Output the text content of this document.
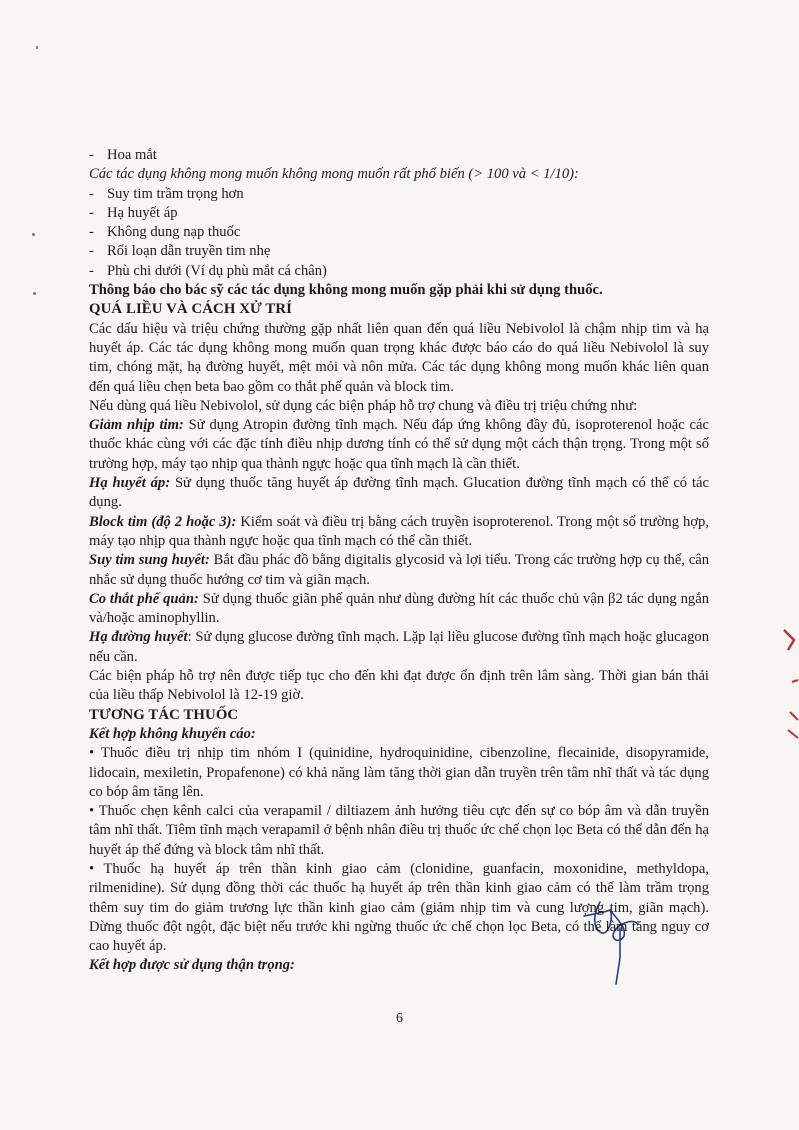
- Hoa mắt
Các tác dụng không mong muốn không mong muốn rất phổ biến (> 100 và < 1/10):
- Suy tim trầm trọng hơn
- Hạ huyết áp
- Không dung nạp thuốc
- Rối loạn dẫn truyền tim nhẹ
- Phù chi dưới (Ví dụ phù mắt cá chân)
Thông báo cho bác sỹ các tác dụng không mong muốn gặp phải khi sử dụng thuốc.
QUÁ LIỀU VÀ CÁCH XỬ TRÍ

Các dấu hiệu và triệu chứng thường gặp nhất liên quan đến quá liều Nebivolol là chậm nhịp tim và hạ huyết áp. Các tác dụng không mong muốn quan trọng khác được báo cáo do quá liều Nebivolol là suy tim, chóng mặt, hạ đường huyết, mệt mỏi và nôn mửa. Các tác dụng không mong muốn khác liên quan đến quá liều chẹn beta bao gồm co thắt phế quản và block tim.

Nếu dùng quá liều Nebivolol, sử dụng các biện pháp hỗ trợ chung và điều trị triệu chứng như:

Giảm nhịp tim: Sử dụng Atropin đường tĩnh mạch. Nếu đáp ứng không đầy đủ, isoproterenol hoặc các thuốc khác cùng với các đặc tính điều nhịp dương tính có thể sử dụng một cách thận trọng. Trong một số trường hợp, máy tạo nhịp qua thành ngực hoặc qua tĩnh mạch là cần thiết.

Hạ huyết áp: Sử dụng thuốc tăng huyết áp đường tĩnh mạch. Glucation đường tĩnh mạch có thể có tác dụng.

Block tim (độ 2 hoặc 3): Kiểm soát và điều trị bằng cách truyền isoproterenol. Trong một số trường hợp, máy tạo nhịp qua thành ngực hoặc qua tĩnh mạch có thể cần thiết.

Suy tim sung huyết: Bắt đầu phác đồ bằng digitalis glycosid và lợi tiểu. Trong các trường hợp cụ thể, cân nhắc sử dụng thuốc hướng cơ tim và giãn mạch.

Co thắt phế quản: Sử dụng thuốc giãn phế quản như dùng đường hít các thuốc chủ vận β2 tác dụng ngắn và/hoặc aminophyllin.

Hạ đường huyết: Sử dụng glucose đường tĩnh mạch. Lặp lại liều glucose đường tĩnh mạch hoặc glucagon nếu cần.

Các biện pháp hỗ trợ nên được tiếp tục cho đến khi đạt được ổn định trên lâm sàng. Thời gian bán thải của liều thấp Nebivolol là 12-19 giờ.

TƯƠNG TÁC THUỐC
Kết hợp không khuyến cáo:

• Thuốc điều trị nhịp tim nhóm I (quinidine, hydroquinidine, cibenzoline, flecainide, disopyramide, lidocain, mexiletin, Propafenone) có khả năng làm tăng thời gian dẫn truyền trên tâm nhĩ thất và tác dụng co bóp âm tăng lên.

• Thuốc chẹn kênh calci của verapamil / diltiazem ảnh hưởng tiêu cực đến sự co bóp âm và dẫn truyền tâm nhĩ thất. Tiêm tĩnh mạch verapamil ở bệnh nhân điều trị thuốc ức chế chọn lọc Beta có thể dẫn đến hạ huyết áp thế đứng và block tâm nhĩ thất.

• Thuốc hạ huyết áp trên thần kinh giao cảm (clonidine, guanfacin, moxonidine, methyldopa, rilmenidine). Sử dụng đồng thời các thuốc hạ huyết áp trên thần kinh giao cảm có thể làm trầm trọng thêm suy tim do giảm trương lực thần kinh giao cảm (giảm nhịp tim và cung lượng tim, giãn mạch). Dừng thuốc đột ngột, đặc biệt nếu trước khi ngừng thuốc ức chế chọn lọc Beta, có thể làm tăng nguy cơ cao huyết áp.

Kết hợp được sử dụng thận trọng:
6
